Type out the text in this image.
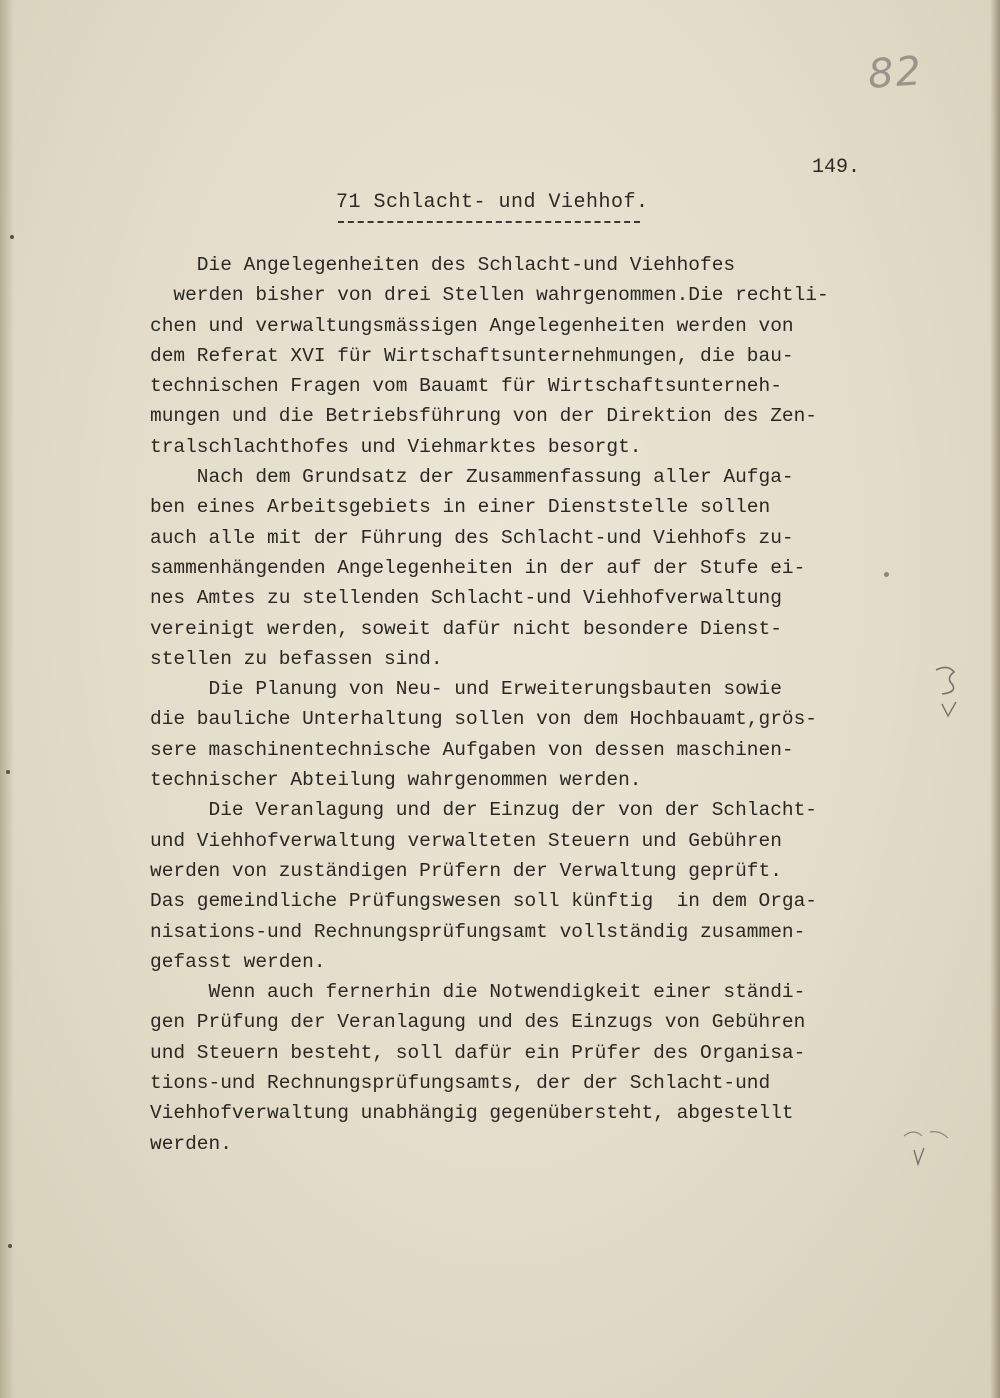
82
149.
71 Schlacht- und Viehhof.
Die Angelegenheiten des Schlacht-und Viehhofes
werden bisher von drei Stellen wahrgenommen.Die rechtli-
chen und verwaltungsmässigen Angelegenheiten werden von
dem Referat XVI für Wirtschaftsunternehmungen, die bau-
technischen Fragen vom Bauamt für Wirtschaftsunterneh-
mungen und die Betriebsführung von der Direktion des Zen-
tralschlachthofes und Viehmarktes besorgt.
Nach dem Grundsatz der Zusammenfassung aller Aufga-
ben eines Arbeitsgebiets in einer Dienststelle sollen
auch alle mit der Führung des Schlacht-und Viehhofs zu-
sammenhängenden Angelegenheiten in der auf der Stufe ei-
nes Amtes zu stellenden Schlacht-und Viehhofverwaltung
vereinigt werden, soweit dafür nicht besondere Dienst-
stellen zu befassen sind.
Die Planung von Neu- und Erweiterungsbauten sowie
die bauliche Unterhaltung sollen von dem Hochbauamt,grös-
sere maschinentechnische Aufgaben von dessen maschinen-
technischer Abteilung wahrgenommen werden.
Die Veranlagung und der Einzug der von der Schlacht-
und Viehhofverwaltung verwalteten Steuern und Gebühren
werden von zuständigen Prüfern der Verwaltung geprüft.
Das gemeindliche Prüfungswesen soll künftig  in dem Orga-
nisations-und Rechnungsprüfungsamt vollständig zusammen-
gefasst werden.
Wenn auch fernerhin die Notwendigkeit einer ständi-
gen Prüfung der Veranlagung und des Einzugs von Gebühren
und Steuern besteht, soll dafür ein Prüfer des Organisa-
tions-und Rechnungsprüfungsamts, der der Schlacht-und
Viehhofverwaltung unabhängig gegenübersteht, abgestellt
werden.
